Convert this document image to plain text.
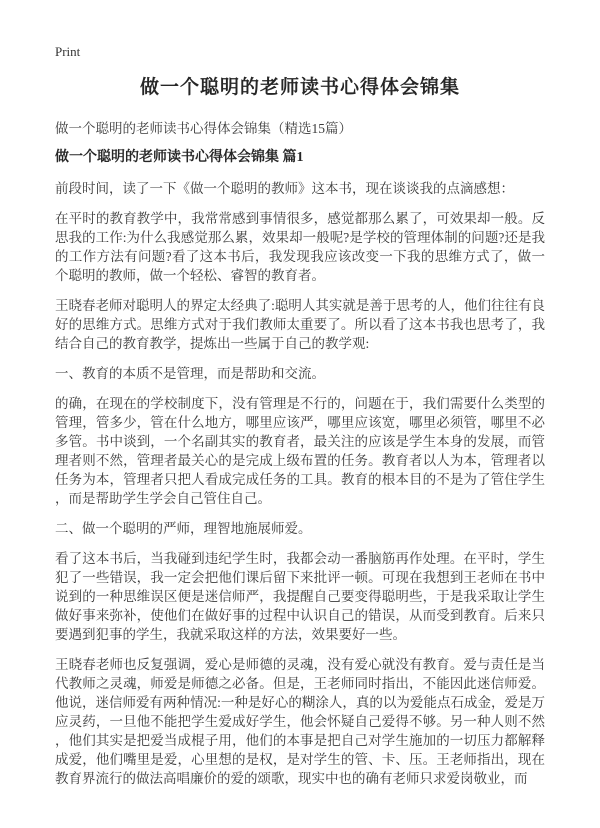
Print
做一个聪明的老师读书心得体会锦集
做一个聪明的老师读书心得体会锦集（精选15篇）
做一个聪明的老师读书心得体会锦集 篇1

前段时间，读了一下《做一个聪明的教师》这本书，现在谈谈我的点滴感想：

在平时的教育教学中，我常常感到事情很多，感觉都那么累了，可效果却一般。反思我的工作:为什么我感觉那么累，效果却一般呢?是学校的管理体制的问题?还是我的工作方法有问题?看了这本书后，我发现我应该改变一下我的思维方式了，做一个聪明的教师，做一个轻松、睿智的教育者。

王晓春老师对聪明人的界定太经典了:聪明人其实就是善于思考的人，他们往往有良好的思维方式。思维方式对于我们教师太重要了。所以看了这本书我也思考了，我结合自己的教育教学，提炼出一些属于自己的教学观:

一、教育的本质不是管理，而是帮助和交流。

的确，在现在的学校制度下，没有管理是不行的，问题在于，我们需要什么类型的管理，管多少，管在什么地方，哪里应该严，哪里应该宽，哪里必须管，哪里不必多管。书中谈到，一个名副其实的教育者，最关注的应该是学生本身的发展，而管理者则不然，管理者最关心的是完成上级布置的任务。教育者以人为本，管理者以任务为本，管理者只把人看成完成任务的工具。教育的根本目的不是为了管住学生，而是帮助学生学会自己管住自己。

二、做一个聪明的严师，理智地施展师爱。

看了这本书后，当我碰到违纪学生时，我都会动一番脑筋再作处理。在平时，学生犯了一些错误，我一定会把他们课后留下来批评一顿。可现在我想到王老师在书中说到的一种思维误区便是迷信师严，我提醒自己要变得聪明些，于是我采取让学生做好事来弥补，使他们在做好事的过程中认识自己的错误，从而受到教育。后来只要遇到犯事的学生，我就采取这样的方法，效果要好一些。

王晓春老师也反复强调，爱心是师德的灵魂，没有爱心就没有教育。爱与责任是当代教师之灵魂，师爱是师德之必备。但是，王老师同时指出，不能因此迷信师爱。他说，迷信师爱有两种情况:一种是好心的糊涂人，真的以为爱能点石成金，爱是万应灵药，一旦他不能把学生爱成好学生，他会怀疑自己爱得不够。另一种人则不然，他们其实是把爱当成棍子用，他们的本事是把自己对学生施加的一切压力都解释成爱，他们嘴里是爱，心里想的是权，是对学生的管、卡、压。王老师指出，现在教育界流行的做法高唱廉价的爱的颂歌，现实中也的确有老师只求爱岗敬业，而
